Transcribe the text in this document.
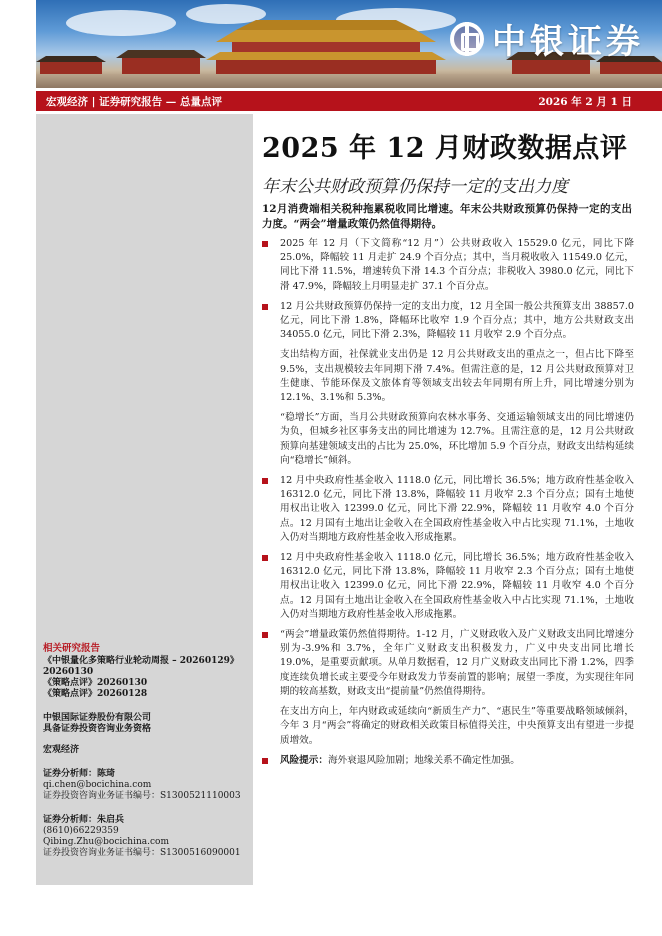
中银证券
宏观经济 | 证券研究报告 — 总量点评	2026 年 2 月 1 日
相关研究报告
《中银量化多策略行业轮动周报 – 20260129》20260130
《策略点评》20260130
《策略点评》20260128
中银国际证券股份有限公司
具备证券投资咨询业务资格
宏观经济
证券分析师：陈琦
qi.chen@bocichina.com
证券投资咨询业务证书编号：S1300521110003
证券分析师：朱启兵
(8610)66229359
Qibing.Zhu@bocichina.com
证券投资咨询业务证书编号：S1300516090001
2025 年 12 月财政数据点评
年末公共财政预算仍保持一定的支出力度
12月消费端相关税种拖累税收同比增速。年末公共财政预算仍保持一定的支出力度。“两会”增量政策仍然值得期待。
2025 年 12 月（下文简称“12 月”）公共财政收入 15529.0 亿元，同比下降 25.0%，降幅较 11 月走扩 24.9 个百分点；其中，当月税收收入 11549.0 亿元，同比下滑 11.5%，增速转负下滑 14.3 个百分点；非税收入 3980.0 亿元，同比下滑 47.9%，降幅较上月明显走扩 37.1 个百分点。
12 月公共财政预算仍保持一定的支出力度，12 月全国一般公共预算支出 38857.0 亿元，同比下滑 1.8%，降幅环比收窄 1.9 个百分点；其中，地方公共财政支出 34055.0 亿元，同比下滑 2.3%，降幅较 11 月收窄 2.9 个百分点。
支出结构方面，社保就业支出仍是 12 月公共财政支出的重点之一，但占比下降至 9.5%，支出规模较去年同期下滑 7.4%。但需注意的是，12 月公共财政预算对卫生健康、节能环保及文旅体育等领域支出较去年同期有所上升，同比增速分别为 12.1%、3.1%和 5.3%。
“稳增长”方面，当月公共财政预算向农林水事务、交通运输领域支出的同比增速仍为负，但城乡社区事务支出的同比增速为 12.7%。且需注意的是，12 月公共财政预算向基建领域支出的占比为 25.0%，环比增加 5.9 个百分点，财政支出结构延续向“稳增长”倾斜。
12 月中央政府性基金收入 1118.0 亿元，同比增长 36.5%；地方政府性基金收入 16312.0 亿元，同比下滑 13.8%，降幅较 11 月收窄 2.3 个百分点；国有土地使用权出让收入 12399.0 亿元，同比下滑 22.9%，降幅较 11 月收窄 4.0 个百分点。12 月国有土地出让金收入在全国政府性基金收入中占比实现 71.1%，土地收入仍对当期地方政府性基金收入形成拖累。
12 月中央政府性基金收入 1118.0 亿元，同比增长 36.5%；地方政府性基金收入 16312.0 亿元，同比下滑 13.8%，降幅较 11 月收窄 2.3 个百分点；国有土地使用权出让收入 12399.0 亿元，同比下滑 22.9%，降幅较 11 月收窄 4.0 个百分点。12 月国有土地出让金收入在全国政府性基金收入中占比实现 71.1%，土地收入仍对当期地方政府性基金收入形成拖累。
“两会”增量政策仍然值得期待。1-12 月，广义财政收入及广义财政支出同比增速分别为-3.9%和 3.7%，全年广义财政支出积极发力，广义中央支出同比增长 19.0%，是重要贡献项。从单月数据看，12 月广义财政支出同比下滑 1.2%，四季度连续负增长或主要受今年财政发力节奏前置的影响；展望一季度，为实现往年同期的较高基数，财政支出“提前量”仍然值得期待。
在支出方向上，年内财政或延续向“新质生产力”、“惠民生”等重要战略领域倾斜，今年 3 月“两会”将确定的财政相关政策目标值得关注，中央预算支出有望进一步提质增效。
风险提示：海外衰退风险加剧；地缘关系不确定性加强。
